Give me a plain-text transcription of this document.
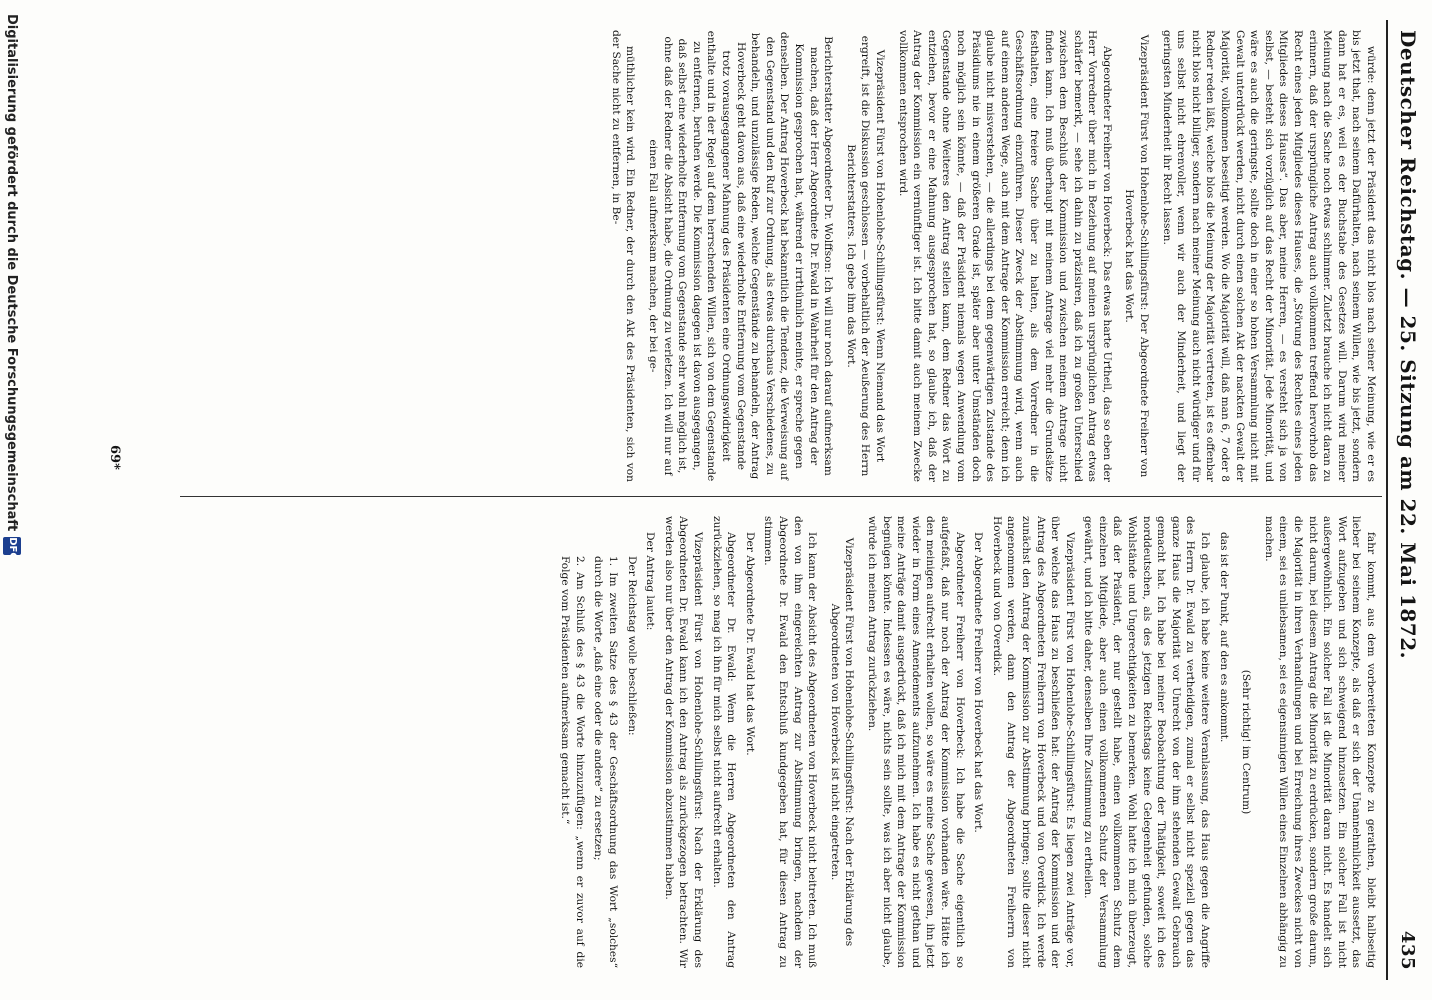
Deutscher Reichstag. — 25. Sitzung am 22. Mai 1872.
435

würde: denn jetzt der Präsident das nicht blos nach seiner Meinung, wie er es bis jetzt that, nach seinem Dafürhalten, nach seinem Willen, wie bis jetzt, sondern dann hat er es, weil es der Buchstabe des Gesetzes will. Darum wird meiner Meinung nach die Sache noch etwas schlimmer. Zuletzt brauche ich nicht daran zu erinnern, daß der ursprüngliche Antrag auch vollkommen treffend hervorhob das Recht eines jeden Mitgliedes dieses Hauses, die „Störung des Rechtes eines jeden Mitgliedes dieses Hauses“. Das aber, meine Herren, — es versteht sich ja von selbst, — besteht sich vorzüglich auf das Recht der Minorität. Jede Minorität, und wäre es auch die geringste, sollte doch in einer so hohen Versammlung nicht mit Gewalt unterdrückt werden, nicht durch einen solchen Akt der nackten Gewalt der Majorität, vollkommen beseitigt werden. Wo die Majorität will, daß man 6, 7 oder 8 Redner reden läßt, welche blos die Meinung der Majorität vertreten, ist es offenbar nicht blos nicht billiger, sondern nach meiner Meinung auch nicht würdiger und für uns selbst nicht ehrenvoller, wenn wir auch der Minderheit, und liegt der geringsten Minderheit ihr Recht lassen.

Vizepräsident Fürst von Hohenlohe-Schillingsfürst: Der Abgeordnete Freiherr von Hoverbeck hat das Wort.

Abgeordneter Freiherr von Hoverbeck: Das etwas harte Urtheil, das so eben der Herr Vorredner über mich in Beziehung auf meinen ursprünglichen Antrag etwas schärfer bemerkt, — sehe ich dahin zu präzisiren, daß ich zu großen Unterschied zwischen dem Beschluß der Kommission und zwischen meinem Antrage nicht finden kann. Ich muß überhaupt mit meinem Antrage viel mehr die Grundsätze festhalten, eine freiere Sache über zu halten, als dem Vorredner in die Geschäftsordnung einzuführen. Dieser Zweck der Abstimmung wird, wenn auch auf einem anderen Wege, auch mit dem Antrage der Kommission erreicht; denn ich glaube nicht misverstehen, — die allerdings bei dem gegenwärtigen Zustande des Präsidiums nie in einem größeren Grade ist, später aber unter Umständen doch noch möglich sein könnte, — daß der Präsident niemals wegen Anwendung vom Gegenstande ohne Weiteres den Antrag stellen kann, dem Redner das Wort zu entziehen, bevor er eine Mahnung ausgesprochen hat, so glaube ich, daß der Antrag der Kommission ein vernünftiger ist. Ich bitte damit auch meinem Zwecke vollkommen entsprochen wird.

Vizepräsident Fürst von Hohenlohe-Schillingsfürst: Wenn Niemand das Wort ergreift, ist die Diskussion geschlossen — vorbehaltlich der Aeußerung des Herrn Berichterstatters. Ich gebe ihm das Wort.

Berichterstatter Abgeordneter Dr. Wolffson: Ich will nur noch darauf aufmerksam machen, daß der Herr Abgeordnete Dr. Ewald in Wahrheit für den Antrag der Kommission gesprochen hat, während er irrthümlich meinte, er spreche gegen denselben. Der Antrag Hoverbeck hat bekanntlich die Tendenz, die Verweisung auf den Gegenstand und den Ruf zur Ordnung, als etwas durchaus Verschiedenes, zu behandeln, und unzulässige Reden, welche Gegenstände zu behandeln, der Antrag Hoverbeck geht davon aus, daß eine wiederholte Entfernung vom Gegenstande trotz vorausgegangener Mahnung des Präsidenten eine Ordnungswidrigkeit enthalte und in der Regel auf dem herrschenden Willen, sich von dem Gegenstande zu entfernen, beruhen werde. Die Kommission dagegen ist davon ausgegangen, daß selbst eine wiederholte Entfernung vom Gegenstande sehr wohl möglich ist, ohne daß der Redner die Absicht habe, die Ordnung zu verletzen. Ich will nur auf einen Fall aufmerksam machen, der bei ge-

müthlicher kein wird. Ein Redner, der durch den Akt des Präsidenten, sich von der Sache nicht zu entfernen, in Be-

fahr kommt, aus dem vorbereiteten Konzepte zu gerathen, bleibt halbseitig lieber bei seinem Konzepte, als daß er sich der Unannehmlichkeit aussetzt, das Wort aufzugeben und sich schweigend hinzusetzen. Ein solcher Fall ist nicht außergewöhnlich. Ein solcher Fall ist die Minorität daran nicht. Es handelt sich nicht darum, bei diesem Antrag die Minorität zu erdrücken, sondern große darum, die Majorität in ihren Verhandlungen und bei Erreichung ihres Zweckes nicht von einem, sei es unliebsamen, sei es eigensinnigen Willen eines Einzelnen abhängig zu machen.

(Sehr richtig! im Centrum)

das ist der Punkt, auf den es ankommt.

Ich glaube, ich habe keine weitere Veranlassung, das Haus gegen die Angriffe des Herrn Dr. Ewald zu vertheidigen, zumal er selbst nicht speziell gegen das ganze Haus die Majorität vor Unrecht von der ihm stehenden Gewalt Gebrauch gemacht hat. Ich habe bei meiner Beobachtung der Thätigkeit, soweit ich des norddeutschen, als des jetzigen Reichstags keine Gelegenheit gefunden, solche Wohlstände und Ungerechtigkeiten zu bemerken. Wohl hatte ich mich überzeugt, daß der Präsident, der nur gestellt habe, einen vollkommenen Schutz dem einzelnen Mitgliede, aber auch einen vollkommenen Schutz der Versammlung gewährt, und ich bitte daher, denselben Ihre Zustimmung zu ertheilen.

Vizepräsident Fürst von Hohenlohe-Schillingsfürst: Es liegen zwei Anträge vor, über welche das Haus zu beschließen hat: der Antrag der Kommission und der Antrag des Abgeordneten Freiherrn von Hoverbeck und von Overdick. Ich werde zunächst den Antrag der Kommission zur Abstimmung bringen; sollte dieser nicht angenommen werden, dann den Antrag der Abgeordneten Freiherrn von Hoverbeck und von Overdick.

Der Abgeordnete Freiherr von Hoverbeck hat das Wort.

Abgeordneter Freiherr von Hoverbeck: Ich habe die Sache eigentlich so aufgefaßt, daß nur noch der Antrag der Kommission vorhanden wäre. Hätte ich den meinigen aufrecht erhalten wollen, so wäre es meine Sache gewesen, ihn jetzt wieder in Form eines Amendements aufzunehmen. Ich habe es nicht gethan und meine Anträge damit ausgedrückt, daß ich mich mit dem Antrage der Kommission begnügen könnte. Indessen es wäre, nichts sein sollte, was ich aber nicht glaube, würde ich meinen Antrag zurückziehen.

Vizepräsident Fürst von Hohenlohe-Schillingsfürst: Nach der Erklärung des Abgeordneten von Hoverbeck ist nicht eingetreten.

Ich kann der Absicht des Abgeordneten von Hoverbeck nicht beitreten. Ich muß den von ihm eingereichten Antrag zur Abstimmung bringen, nachdem der Abgeordnete Dr. Ewald den Entschluß kundgegeben hat, für diesen Antrag zu stimmen.

Der Abgeordnete Dr. Ewald hat das Wort.

Abgeordneter Dr. Ewald: Wenn die Herren Abgeordneten den Antrag zurückziehen, so mag ich ihn für mich selbst nicht aufrecht erhalten.

Vizepräsident Fürst von Hohenlohe-Schillingsfürst: Nach der Erklärung des Abgeordneten Dr. Ewald kann ich den Antrag als zurückgezogen betrachten. Wir werden also nur über den Antrag der Kommission abzustimmen haben.

Der Antrag lautet:

Der Reichstag wolle beschließen:

1. Im zweiten Satze des § 43 der Geschäftsordnung das Wort „solches“ durch die Worte „daß eine oder die andere“ zu ersetzen;

2. Am Schluß des § 43 die Worte hinzuzufügen: „wenn er zuvor auf die Folge vom Präsidenten aufmerksam gemacht ist.“

69*
Digitalisierung gefördert durch die Deutsche Forschungsgemeinschaft
DFG
